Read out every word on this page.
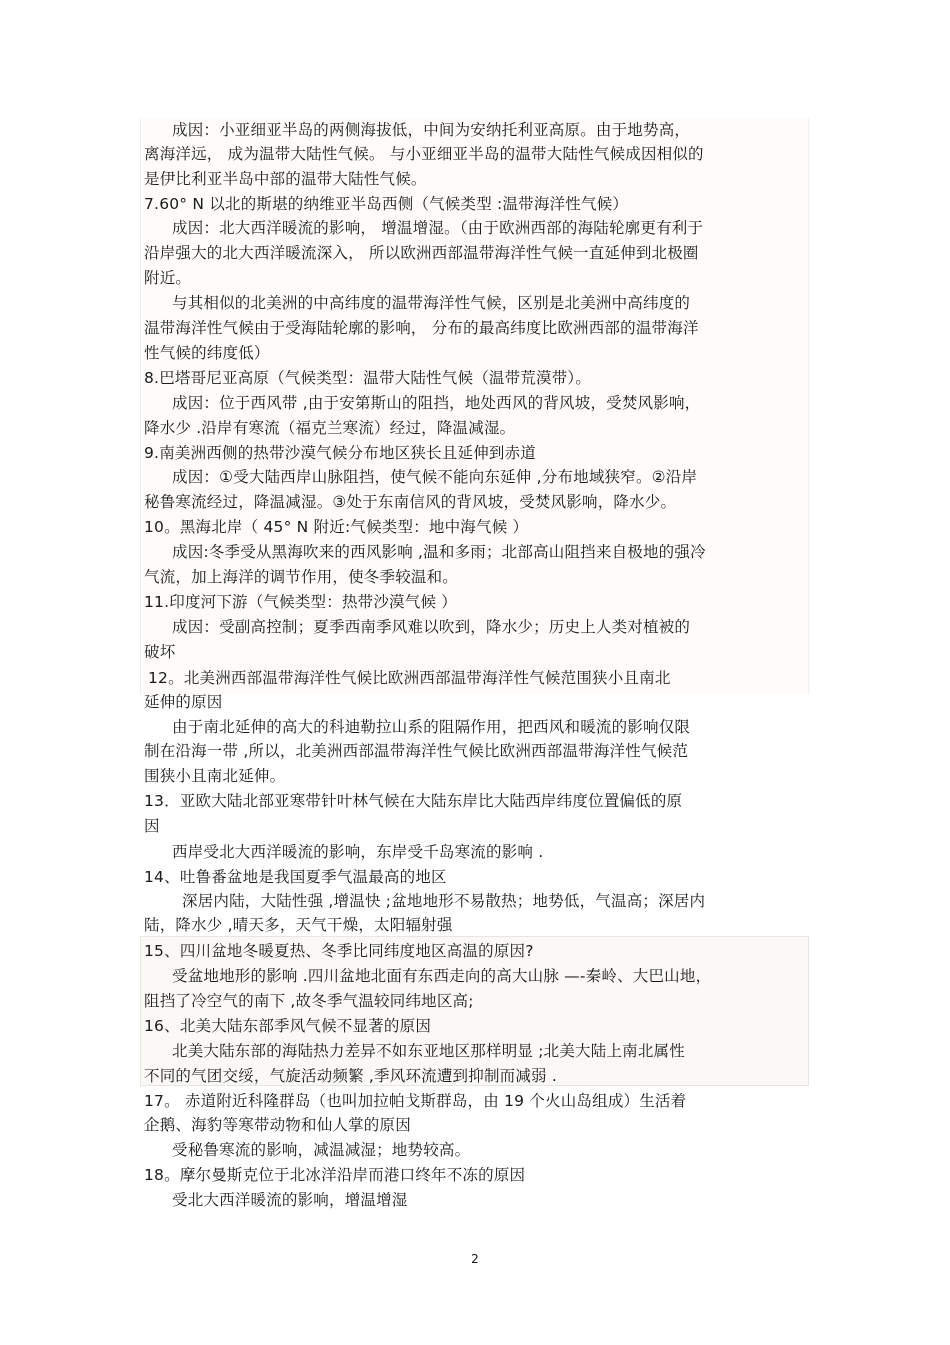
成因：小亚细亚半岛的两侧海拔低，中间为安纳托利亚高原。由于地势高，
离海洋远， 成为温带大陆性气候。 与小亚细亚半岛的温带大陆性气候成因相似的
是伊比利亚半岛中部的温带大陆性气候。
7.60° N 以北的斯堪的纳维亚半岛西侧（气候类型 :温带海洋性气候）
成因：北大西洋暖流的影响， 增温增湿。（由于欧洲西部的海陆轮廓更有利于
沿岸强大的北大西洋暖流深入， 所以欧洲西部温带海洋性气候一直延伸到北极圈
附近。
与其相似的北美洲的中高纬度的温带海洋性气候，区别是北美洲中高纬度的
温带海洋性气候由于受海陆轮廓的影响， 分布的最高纬度比欧洲西部的温带海洋
性气候的纬度低）
8.巴塔哥尼亚高原（气候类型：温带大陆性气候（温带荒漠带）。
成因：位于西风带 ,由于安第斯山的阻挡，地处西风的背风坡，受焚风影响，
降水少 .沿岸有寒流（福克兰寒流）经过，降温减湿。
9.南美洲西侧的热带沙漠气候分布地区狭长且延伸到赤道
成因：①受大陆西岸山脉阻挡，使气候不能向东延伸 ,分布地域狭窄。②沿岸
秘鲁寒流经过，降温减湿。③处于东南信风的背风坡，受焚风影响，降水少。
10。黑海北岸（ 45° N 附近:气候类型：地中海气候 ）
成因:冬季受从黑海吹来的西风影响 ,温和多雨；北部高山阻挡来自极地的强冷
气流，加上海洋的调节作用，使冬季较温和。
11.印度河下游（气候类型：热带沙漠气候 ）
成因：受副高控制；夏季西南季风难以吹到，降水少；历史上人类对植被的
破坏
12。北美洲西部温带海洋性气候比欧洲西部温带海洋性气候范围狭小且南北
延伸的原因
由于南北延伸的高大的科迪勒拉山系的阻隔作用，把西风和暖流的影响仅限
制在沿海一带 ,所以，北美洲西部温带海洋性气候比欧洲西部温带海洋性气候范
围狭小且南北延伸。
13．亚欧大陆北部亚寒带针叶林气候在大陆东岸比大陆西岸纬度位置偏低的原
因
西岸受北大西洋暖流的影响，东岸受千岛寒流的影响 .
14、吐鲁番盆地是我国夏季气温最高的地区
深居内陆，大陆性强 ,增温快 ;盆地地形不易散热；地势低，气温高；深居内
陆，降水少 ,晴天多，天气干燥，太阳辐射强
15、四川盆地冬暖夏热、冬季比同纬度地区高温的原因?
受盆地地形的影响 .四川盆地北面有东西走向的高大山脉 —-秦岭、大巴山地，
阻挡了冷空气的南下 ,故冬季气温较同纬地区高;
16、北美大陆东部季风气候不显著的原因
北美大陆东部的海陆热力差异不如东亚地区那样明显 ;北美大陆上南北属性
不同的气团交绥，气旋活动频繁 ,季风环流遭到抑制而减弱 .
17。 赤道附近科隆群岛（也叫加拉帕戈斯群岛，由 19 个火山岛组成）生活着
企鹅、海豹等寒带动物和仙人掌的原因
受秘鲁寒流的影响，减温减湿；地势较高。
18。摩尔曼斯克位于北冰洋沿岸而港口终年不冻的原因
受北大西洋暖流的影响，增温增湿
2
